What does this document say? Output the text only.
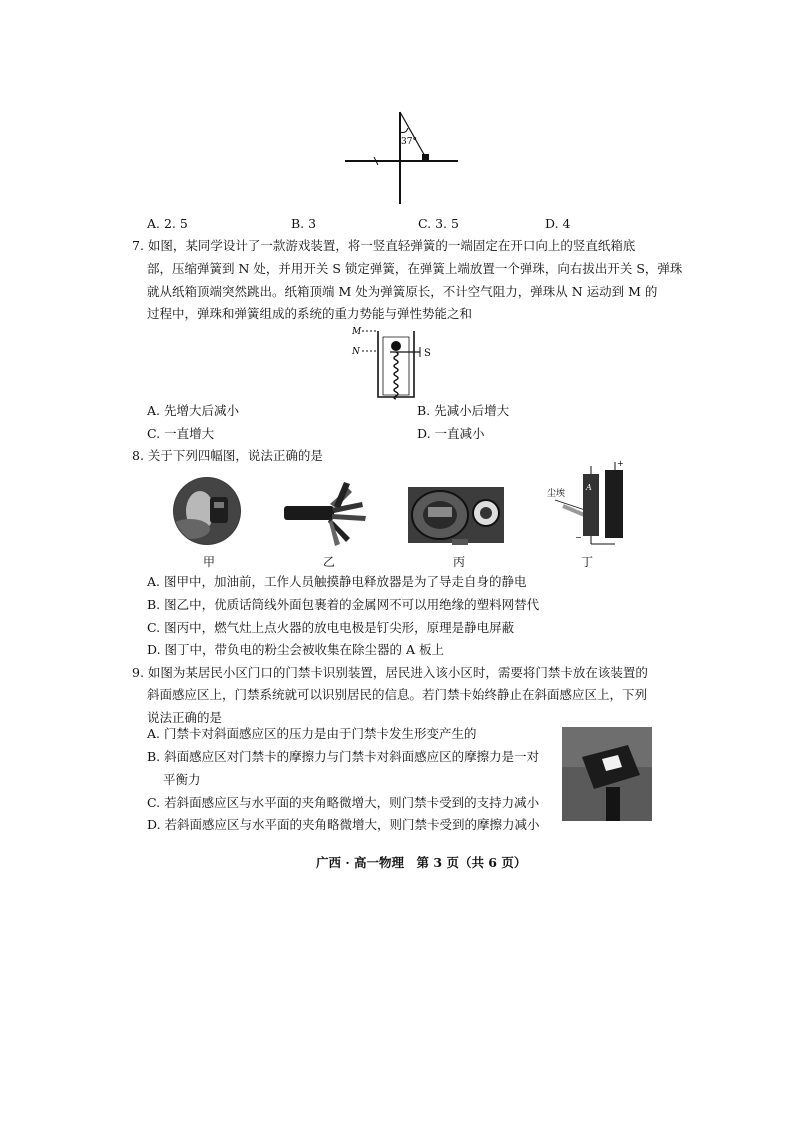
37°
A. 2. 5	B. 3	C. 3. 5	D. 4
7. 如图，某同学设计了一款游戏装置，将一竖直轻弹簧的一端固定在开口向上的竖直纸箱底
部，压缩弹簧到 N 处，并用开关 S 锁定弹簧，在弹簧上端放置一个弹珠，向右拔出开关 S，弹珠
就从纸箱顶端突然跳出。纸箱顶端 M 处为弹簧原长，不计空气阻力，弹珠从 N 运动到 M 的
过程中，弹珠和弹簧组成的系统的重力势能与弹性势能之和
M
N	S
A. 先增大后减小	B. 先减小后增大
C. 一直增大	D. 一直减小
8. 关于下列四幅图，说法正确的是
甲	乙	丙
尘埃
A
−
+
丁
A. 图甲中，加油前，工作人员触摸静电释放器是为了导走自身的静电
B. 图乙中，优质话筒线外面包裹着的金属网不可以用绝缘的塑料网替代
C. 图丙中，燃气灶上点火器的放电电极是钉尖形，原理是静电屏蔽
D. 图丁中，带负电的粉尘会被收集在除尘器的 A 板上
9. 如图为某居民小区门口的门禁卡识别装置，居民进入该小区时，需要将门禁卡放在该装置的
斜面感应区上，门禁系统就可以识别居民的信息。若门禁卡始终静止在斜面感应区上，下列
说法正确的是
A. 门禁卡对斜面感应区的压力是由于门禁卡发生形变产生的
B. 斜面感应区对门禁卡的摩擦力与门禁卡对斜面感应区的摩擦力是一对
平衡力
C. 若斜面感应区与水平面的夹角略微增大，则门禁卡受到的支持力减小
D. 若斜面感应区与水平面的夹角略微增大，则门禁卡受到的摩擦力减小
广西 · 高一物理　第 3 页（共 6 页）
